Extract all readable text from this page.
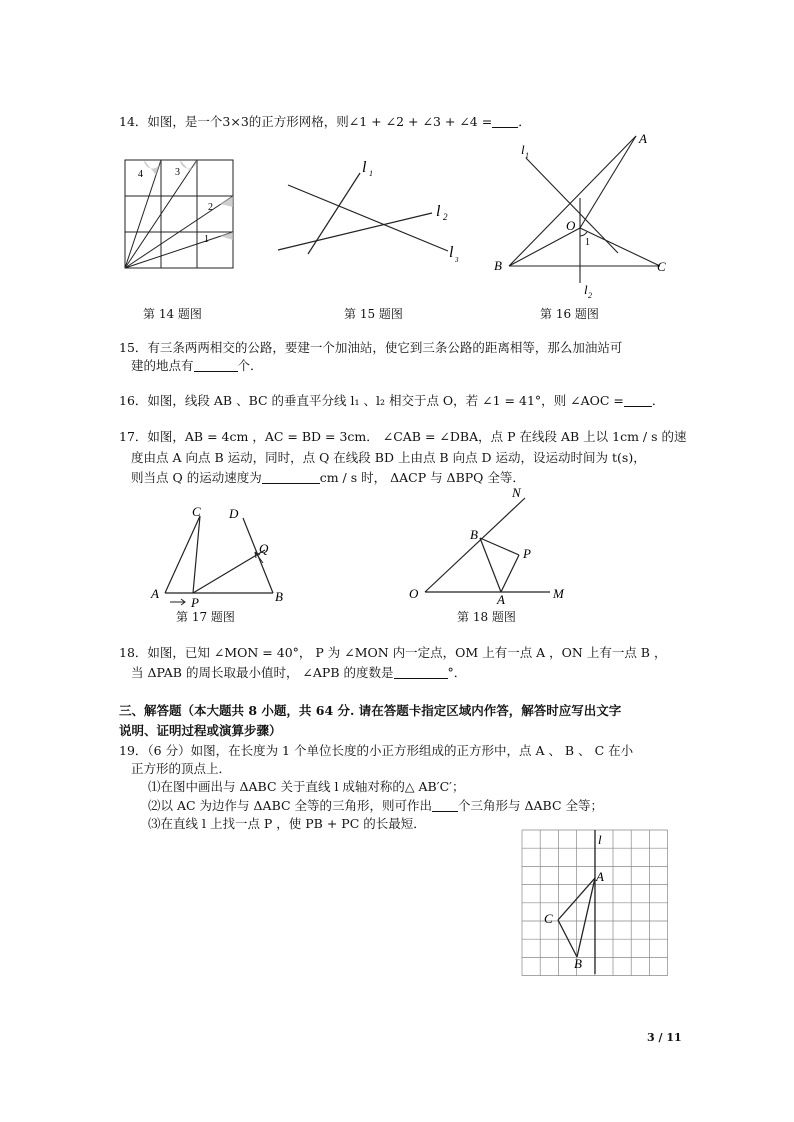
14．如图，是一个3×3的正方形网格，则∠1 + ∠2 + ∠3 + ∠4 = ．
4	3
2
1
l 1
l 2
l 3
A
B	C
O
1
l 1
l 2
第 14 题图	第 15 题图	第 16 题图
15．有三条两两相交的公路，要建一个加油站，使它到三条公路的距离相等，那么加油站可
建的地点有	个．
16．如图，线段 AB 、BC 的垂直平分线 l₁ 、l₂ 相交于点 O，若 ∠1 = 41°，则 ∠AOC = ．
17．如图，AB = 4cm ，AC = BD = 3cm． ∠CAB = ∠DBA，点 P 在线段 AB 上以 1cm / s 的速
度由点 A 向点 B 运动，同时，点 Q 在线段 BD 上由点 B 向点 D 运动，设运动时间为 t(s)，
则当点 Q 的运动速度为	cm / s 时， ΔACP 与 ΔBPQ 全等．
C D
Q
A
P	B
N
B
P
O	A	M
第 17 题图	第 18 题图
18．如图，已知 ∠MON = 40°， P 为 ∠MON 内一定点，OM 上有一点 A ，ON 上有一点 B ，
当 ΔPAB 的周长取最小值时， ∠APB 的度数是	°．
三、解答题（本大题共 8 小题，共 64 分. 请在答题卡指定区域内作答，解答时应写出文字
说明、证明过程或演算步骤）
19．（6 分）如图，在长度为 1 个单位长度的小正方形组成的正方形中，点 A 、 B 、 C 在小
正方形的顶点上．
⑴在图中画出与 ΔABC 关于直线 l 成轴对称的△ AB′C′；
⑵以 AC 为边作与 ΔABC 全等的三角形，则可作出 个三角形与 ΔABC 全等；
⑶在直线 l 上找一点 P ，使 PB + PC 的长最短．
l
A
C
B
3 / 11
